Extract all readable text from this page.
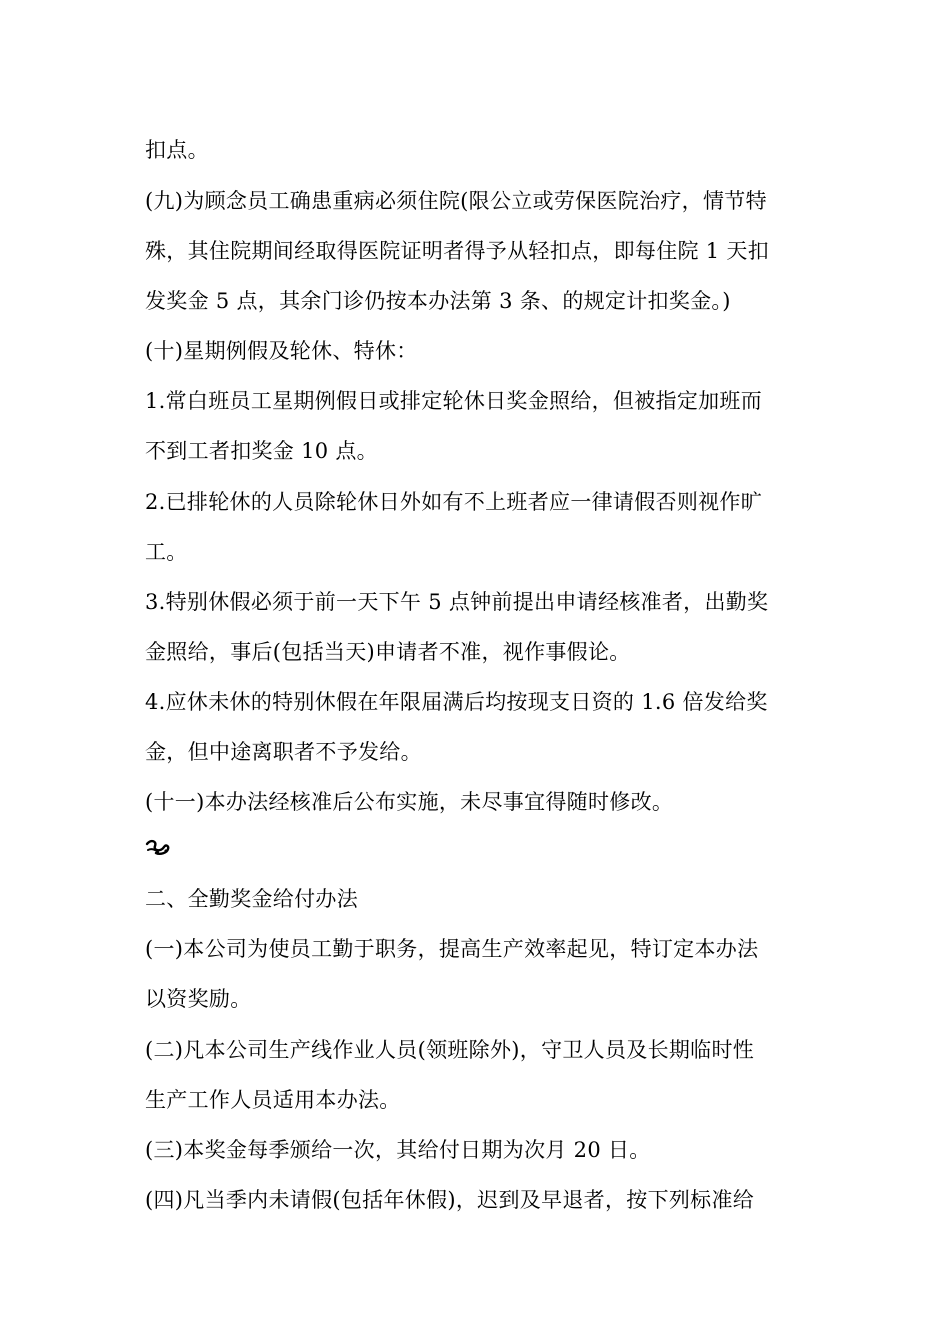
扣点。
(九)为顾念员工确患重病必须住院(限公立或劳保医院治疗，情节特
殊，其住院期间经取得医院证明者得予从轻扣点，即每住院 1 天扣
发奖金 5 点，其余门诊仍按本办法第 3 条、的规定计扣奖金。)
(十)星期例假及轮休、特休：
1.常白班员工星期例假日或排定轮休日奖金照给，但被指定加班而
不到工者扣奖金 10 点。
2.已排轮休的人员除轮休日外如有不上班者应一律请假否则视作旷
工。
3.特别休假必须于前一天下午 5 点钟前提出申请经核准者，出勤奖
金照给，事后(包括当天)申请者不准，视作事假论。
4.应休未休的特别休假在年限届满后均按现支日资的 1.6 倍发给奖
金，但中途离职者不予发给。
(十一)本办法经核准后公布实施，未尽事宜得随时修改。
二、全勤奖金给付办法
(一)本公司为使员工勤于职务，提高生产效率起见，特订定本办法
以资奖励。
(二)凡本公司生产线作业人员(领班除外)，守卫人员及长期临时性
生产工作人员适用本办法。
(三)本奖金每季颁给一次，其给付日期为次月 20 日。
(四)凡当季内未请假(包括年休假)，迟到及早退者，按下列标准给
